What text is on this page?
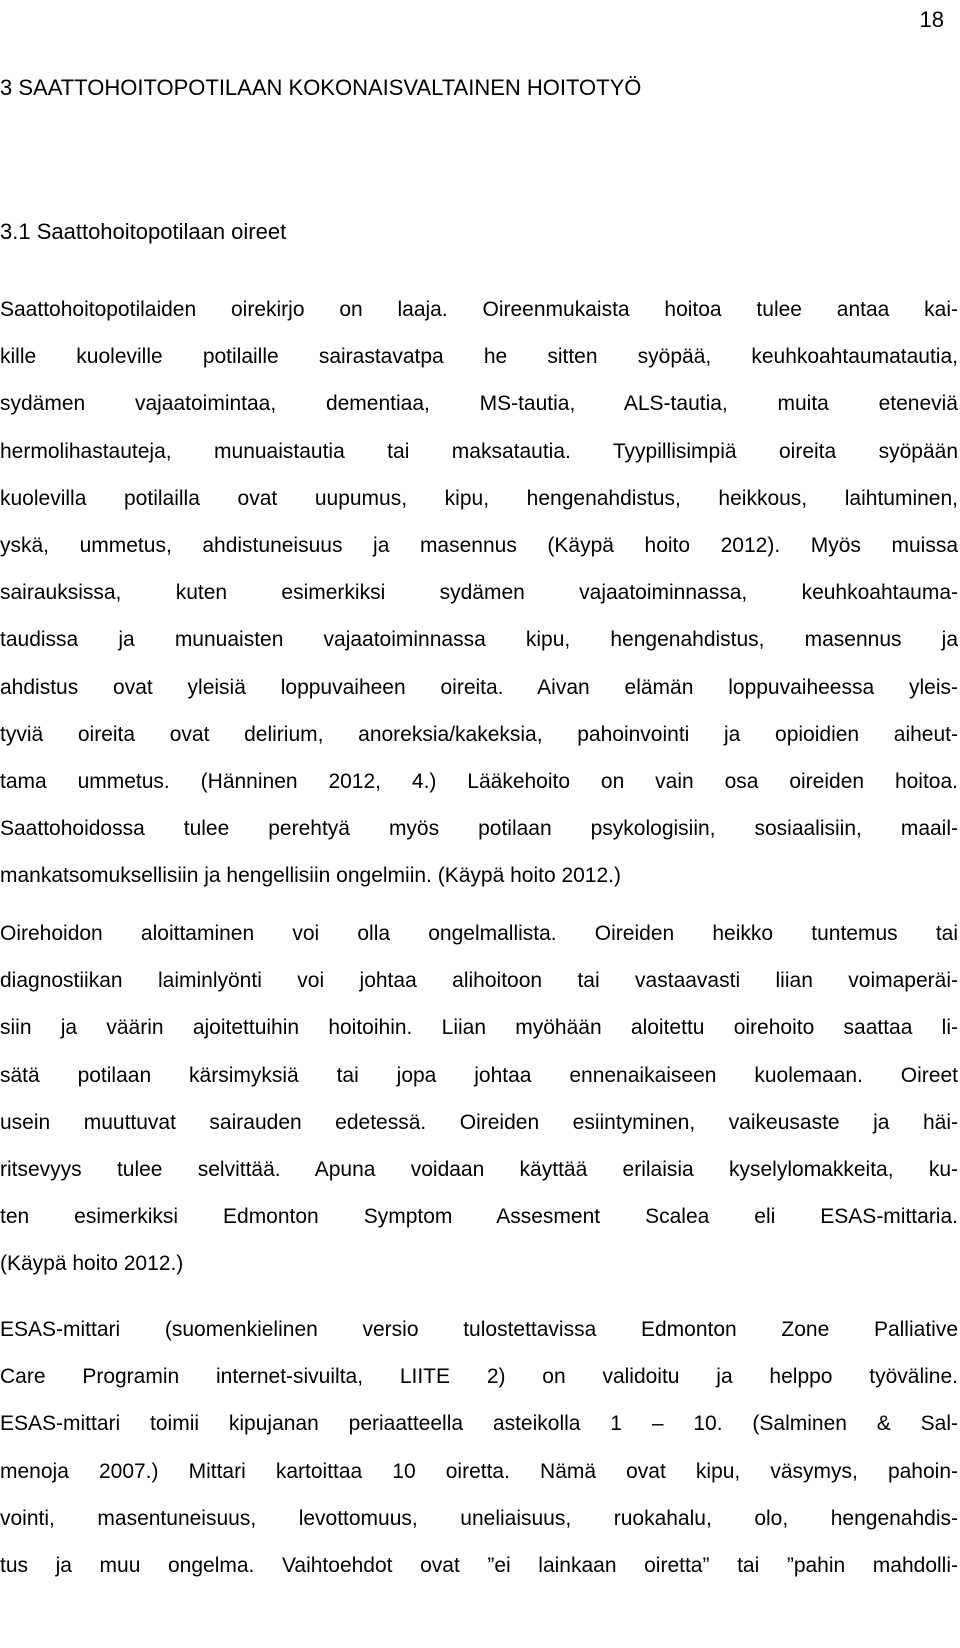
18
3 SAATTOHOITOPOTILAAN KOKONAISVALTAINEN HOITOTYÖ
3.1 Saattohoitopotilaan oireet
Saattohoitopotilaiden oirekirjo on laaja. Oireenmukaista hoitoa tulee antaa kai-
kille kuoleville potilaille sairastavatpa he sitten syöpää, keuhkoahtaumatautia,
sydämen vajaatoimintaa, dementiaa, MS-tautia, ALS-tautia, muita eteneviä
hermolihastauteja, munuaistautia tai maksatautia. Tyypillisimpiä oireita syöpään
kuolevilla potilailla ovat uupumus, kipu, hengenahdistus, heikkous, laihtuminen,
yskä, ummetus, ahdistuneisuus ja masennus (Käypä hoito 2012). Myös muissa
sairauksissa, kuten esimerkiksi sydämen vajaatoiminnassa, keuhkoahtauma-
taudissa ja munuaisten vajaatoiminnassa kipu, hengenahdistus, masennus ja
ahdistus ovat yleisiä loppuvaiheen oireita. Aivan elämän loppuvaiheessa yleis-
tyviä oireita ovat delirium, anoreksia/kakeksia, pahoinvointi ja opioidien aiheut-
tama ummetus. (Hänninen 2012, 4.) Lääkehoito on vain osa oireiden hoitoa.
Saattohoidossa tulee perehtyä myös potilaan psykologisiin, sosiaalisiin, maail-
mankatsomuksellisiin ja hengellisiin ongelmiin. (Käypä hoito 2012.)
Oirehoidon aloittaminen voi olla ongelmallista. Oireiden heikko tuntemus tai
diagnostiikan laiminlyönti voi johtaa alihoitoon tai vastaavasti liian voimaperäi-
siin ja väärin ajoitettuihin hoitoihin. Liian myöhään aloitettu oirehoito saattaa li-
sätä potilaan kärsimyksiä tai jopa johtaa ennenaikaiseen kuolemaan. Oireet
usein muuttuvat sairauden edetessä. Oireiden esiintyminen, vaikeusaste ja häi-
ritsevyys tulee selvittää. Apuna voidaan käyttää erilaisia kyselylomakkeita, ku-
ten esimerkiksi Edmonton Symptom Assesment Scalea eli ESAS-mittaria.
(Käypä hoito 2012.)
ESAS-mittari (suomenkielinen versio tulostettavissa Edmonton Zone Palliative
Care Programin internet-sivuilta, LIITE 2) on validoitu ja helppo työväline.
ESAS-mittari toimii kipujanan periaatteella asteikolla 1 – 10. (Salminen & Sal-
menoja 2007.) Mittari kartoittaa 10 oiretta. Nämä ovat kipu, väsymys, pahoin-
vointi, masentuneisuus, levottomuus, uneliaisuus, ruokahalu, olo, hengenahdis-
tus ja muu ongelma. Vaihtoehdot ovat ”ei lainkaan oiretta” tai ”pahin mahdolli-
